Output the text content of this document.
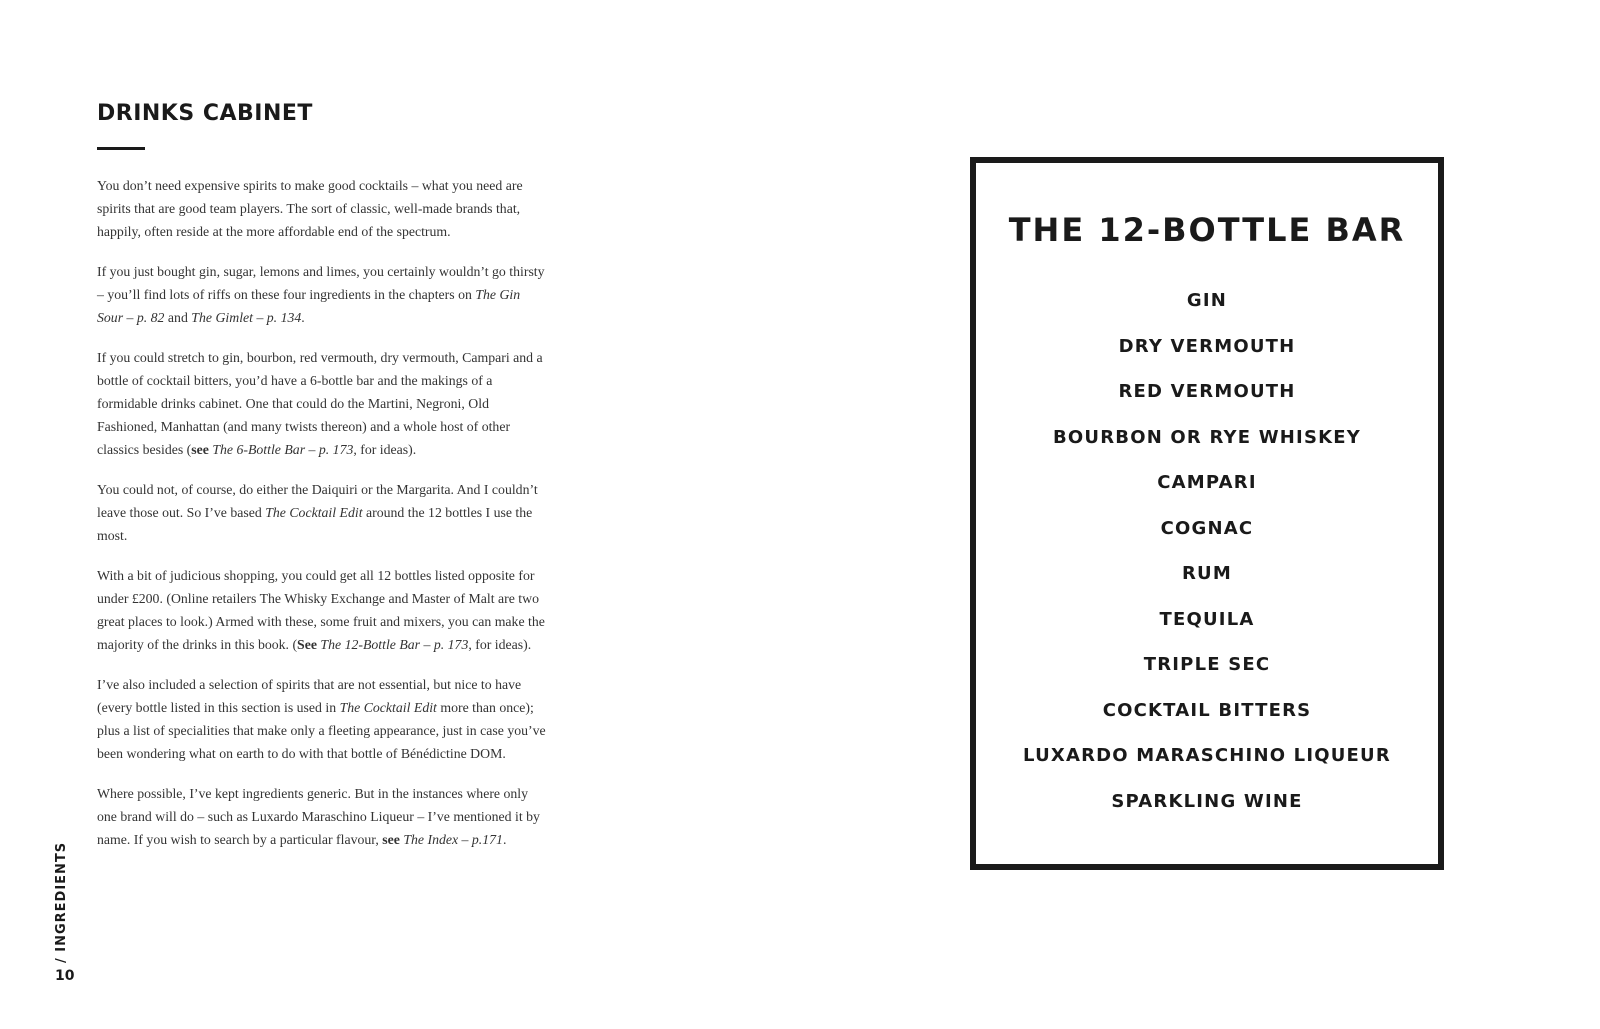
DRINKS CABINET

You don’t need expensive spirits to make good cocktails – what you need are spirits that are good team players. The sort of classic, well-made brands that, happily, often reside at the more affordable end of the spectrum.

If you just bought gin, sugar, lemons and limes, you certainly wouldn’t go thirsty – you’ll find lots of riffs on these four ingredients in the chapters on The Gin Sour – p. 82 and The Gimlet – p. 134.

If you could stretch to gin, bourbon, red vermouth, dry vermouth, Campari and a bottle of cocktail bitters, you’d have a 6-bottle bar and the makings of a formidable drinks cabinet. One that could do the Martini, Negroni, Old Fashioned, Manhattan (and many twists thereon) and a whole host of other classics besides (see The 6-Bottle Bar – p. 173, for ideas).

You could not, of course, do either the Daiquiri or the Margarita. And I couldn’t leave those out. So I’ve based The Cocktail Edit around the 12 bottles I use the most.

With a bit of judicious shopping, you could get all 12 bottles listed opposite for under £200. (Online retailers The Whisky Exchange and Master of Malt are two great places to look.) Armed with these, some fruit and mixers, you can make the majority of the drinks in this book. (See The 12-Bottle Bar – p. 173, for ideas).

I’ve also included a selection of spirits that are not essential, but nice to have (every bottle listed in this section is used in The Cocktail Edit more than once); plus a list of specialities that make only a fleeting appearance, just in case you’ve been wondering what on earth to do with that bottle of Bénédictine DOM.

Where possible, I’ve kept ingredients generic. But in the instances where only one brand will do – such as Luxardo Maraschino Liqueur – I’ve mentioned it by name. If you wish to search by a particular flavour, see The Index – p.171.

/ INGREDIENTS
10
THE 12-BOTTLE BAR
GIN
DRY VERMOUTH
RED VERMOUTH
BOURBON OR RYE WHISKEY
CAMPARI
COGNAC
RUM
TEQUILA
TRIPLE SEC
COCKTAIL BITTERS
LUXARDO MARASCHINO LIQUEUR
SPARKLING WINE
